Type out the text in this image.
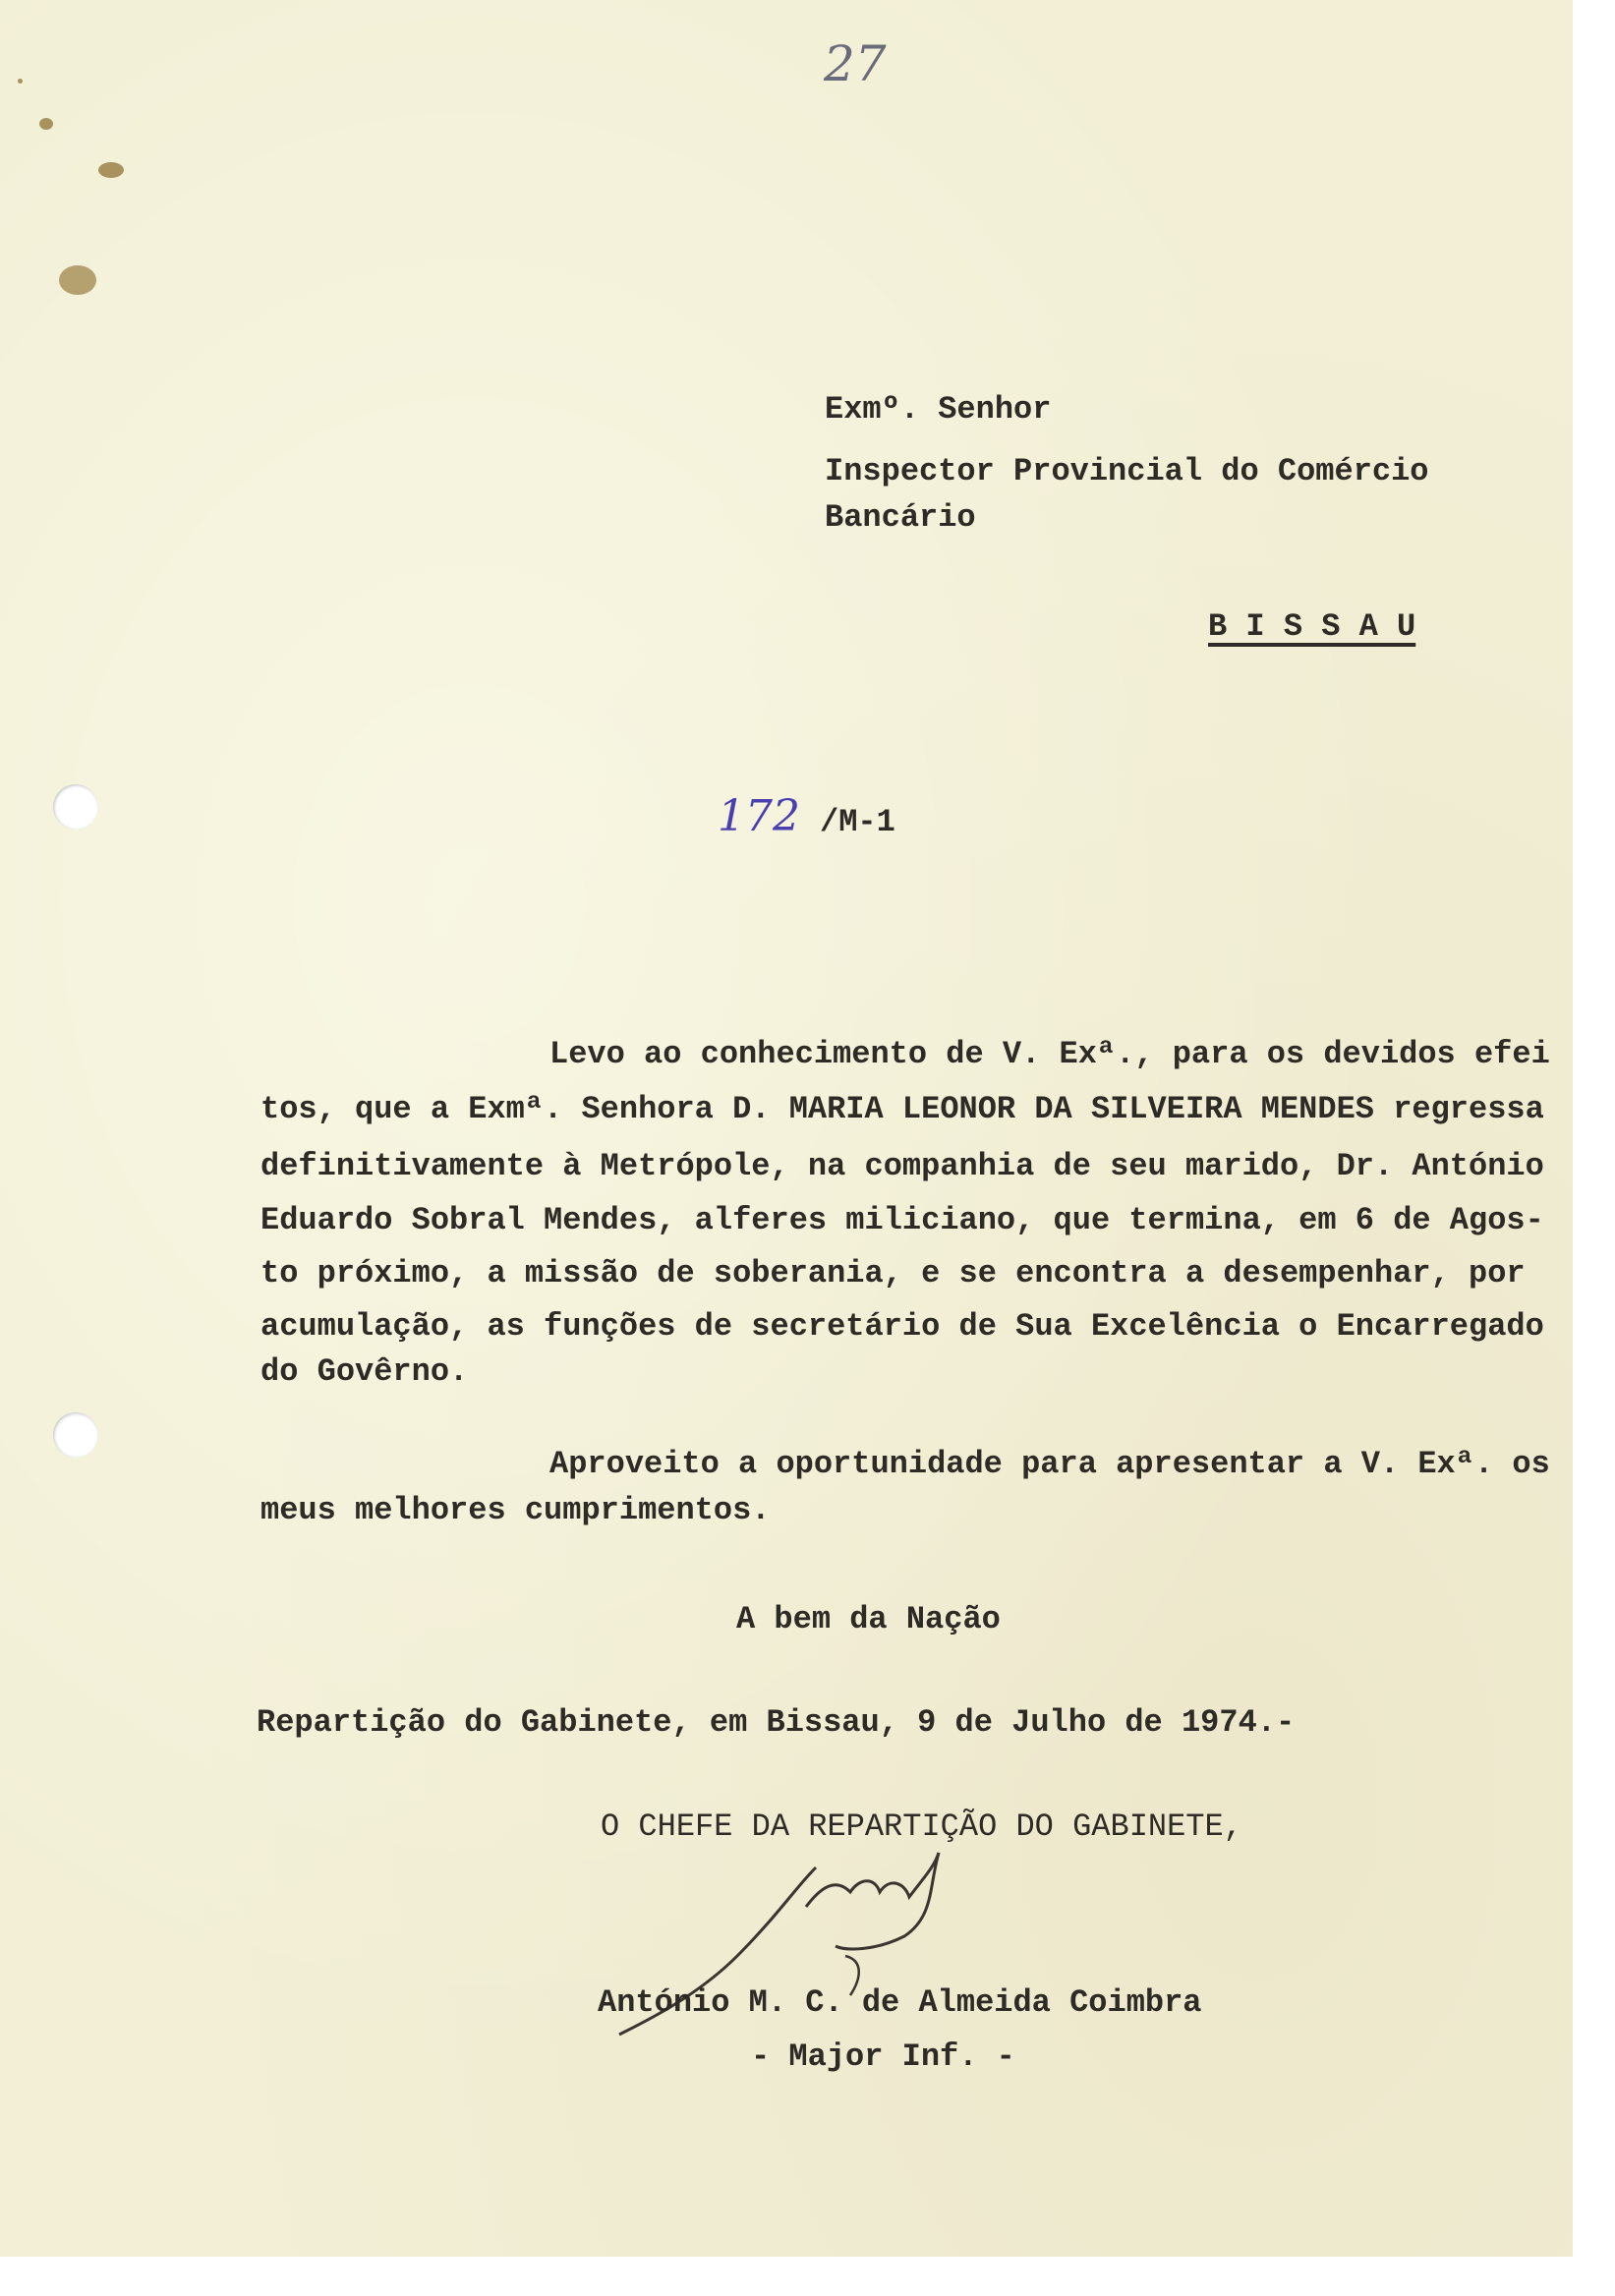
27
Exmº. Senhor
Inspector Provincial do Comércio
Bancário
B I S S A U
172 /M-1
Levo ao conhecimento de V. Exª., para os devidos efei
tos, que a Exmª. Senhora D. MARIA LEONOR DA SILVEIRA MENDES regressa
definitivamente à Metrópole, na companhia de seu marido, Dr. António
Eduardo Sobral Mendes, alferes miliciano, que termina, em 6 de Agos-
to próximo, a missão de soberania, e se encontra a desempenhar, por
acumulação, as funções de secretário de Sua Excelência o Encarregado
do Govêrno.
Aproveito a oportunidade para apresentar a V. Exª. os
meus melhores cumprimentos.
A bem da Nação
Repartição do Gabinete, em Bissau, 9 de Julho de 1974.-
O CHEFE DA REPARTIÇÃO DO GABINETE,
António M. C. de Almeida Coimbra
- Major Inf. -
